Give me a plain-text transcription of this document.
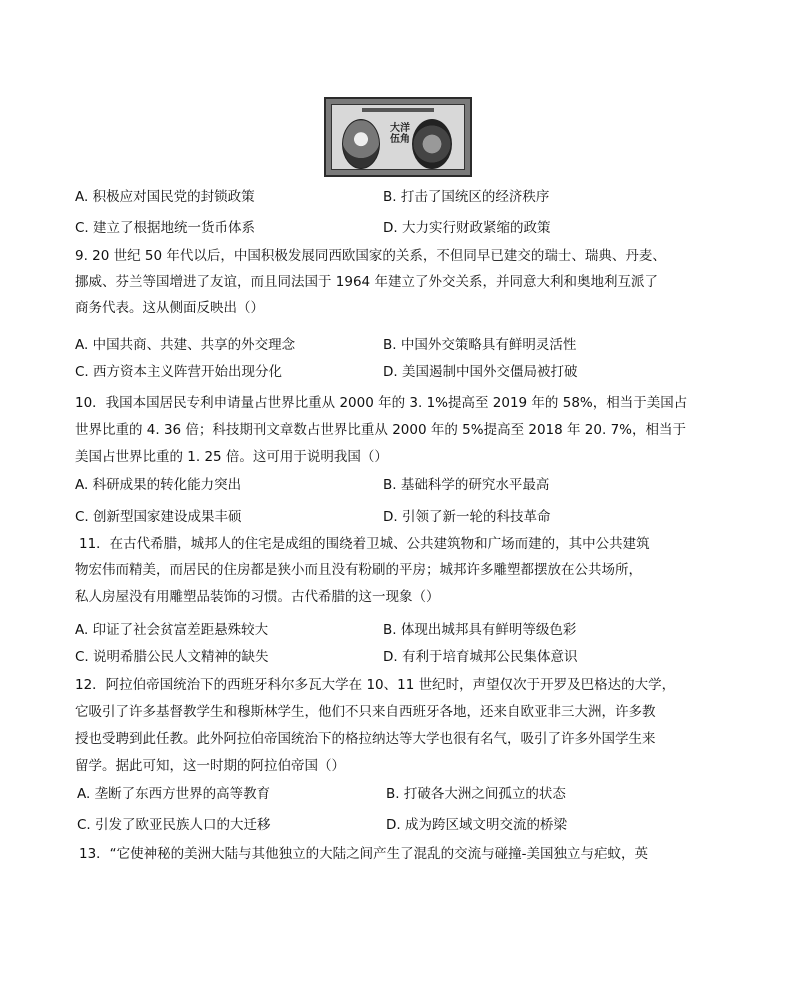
大洋伍角
A. 积极应对国民党的封锁政策	B. 打击了国统区的经济秩序
C. 建立了根据地统一货币体系	D. 大力实行财政紧缩的政策
9. 20 世纪 50 年代以后，中国积极发展同西欧国家的关系，不但同早已建交的瑞士、瑞典、丹麦、
挪威、芬兰等国增进了友谊，而且同法国于 1964 年建立了外交关系，并同意大利和奥地利互派了
商务代表。这从侧面反映出（）
A. 中国共商、共建、共享的外交理念	B. 中国外交策略具有鲜明灵活性
C. 西方资本主义阵营开始出现分化	D. 美国遏制中国外交僵局被打破
10．我国本国居民专利申请量占世界比重从 2000 年的 3. 1%提高至 2019 年的 58%，相当于美国占
世界比重的 4. 36 倍；科技期刊文章数占世界比重从 2000 年的 5%提高至 2018 年 20. 7%，相当于
美国占世界比重的 1. 25 倍。这可用于说明我国（）
A. 科研成果的转化能力突出	B. 基础科学的研究水平最高
C. 创新型国家建设成果丰硕	D. 引领了新一轮的科技革命
11．在古代希腊，城邦人的住宅是成组的围绕着卫城、公共建筑物和广场而建的，其中公共建筑
物宏伟而精美，而居民的住房都是狭小而且没有粉刷的平房；城邦许多雕塑都摆放在公共场所，
私人房屋没有用雕塑品装饰的习惯。古代希腊的这一现象（）
A. 印证了社会贫富差距悬殊较大	B. 体现出城邦具有鲜明等级色彩
C. 说明希腊公民人文精神的缺失	D. 有利于培育城邦公民集体意识
12．阿拉伯帝国统治下的西班牙科尔多瓦大学在 10、11 世纪时，声望仅次于开罗及巴格达的大学，
它吸引了许多基督教学生和穆斯林学生，他们不只来自西班牙各地，还来自欧亚非三大洲，许多教
授也受聘到此任教。此外阿拉伯帝国统治下的格拉纳达等大学也很有名气，吸引了许多外国学生来
留学。据此可知，这一时期的阿拉伯帝国（）
A. 垄断了东西方世界的高等教育	B. 打破各大洲之间孤立的状态
C. 引发了欧亚民族人口的大迁移	D. 成为跨区域文明交流的桥梁
13．“它使神秘的美洲大陆与其他独立的大陆之间产生了混乱的交流与碰撞-美国独立与疟蚊，英
